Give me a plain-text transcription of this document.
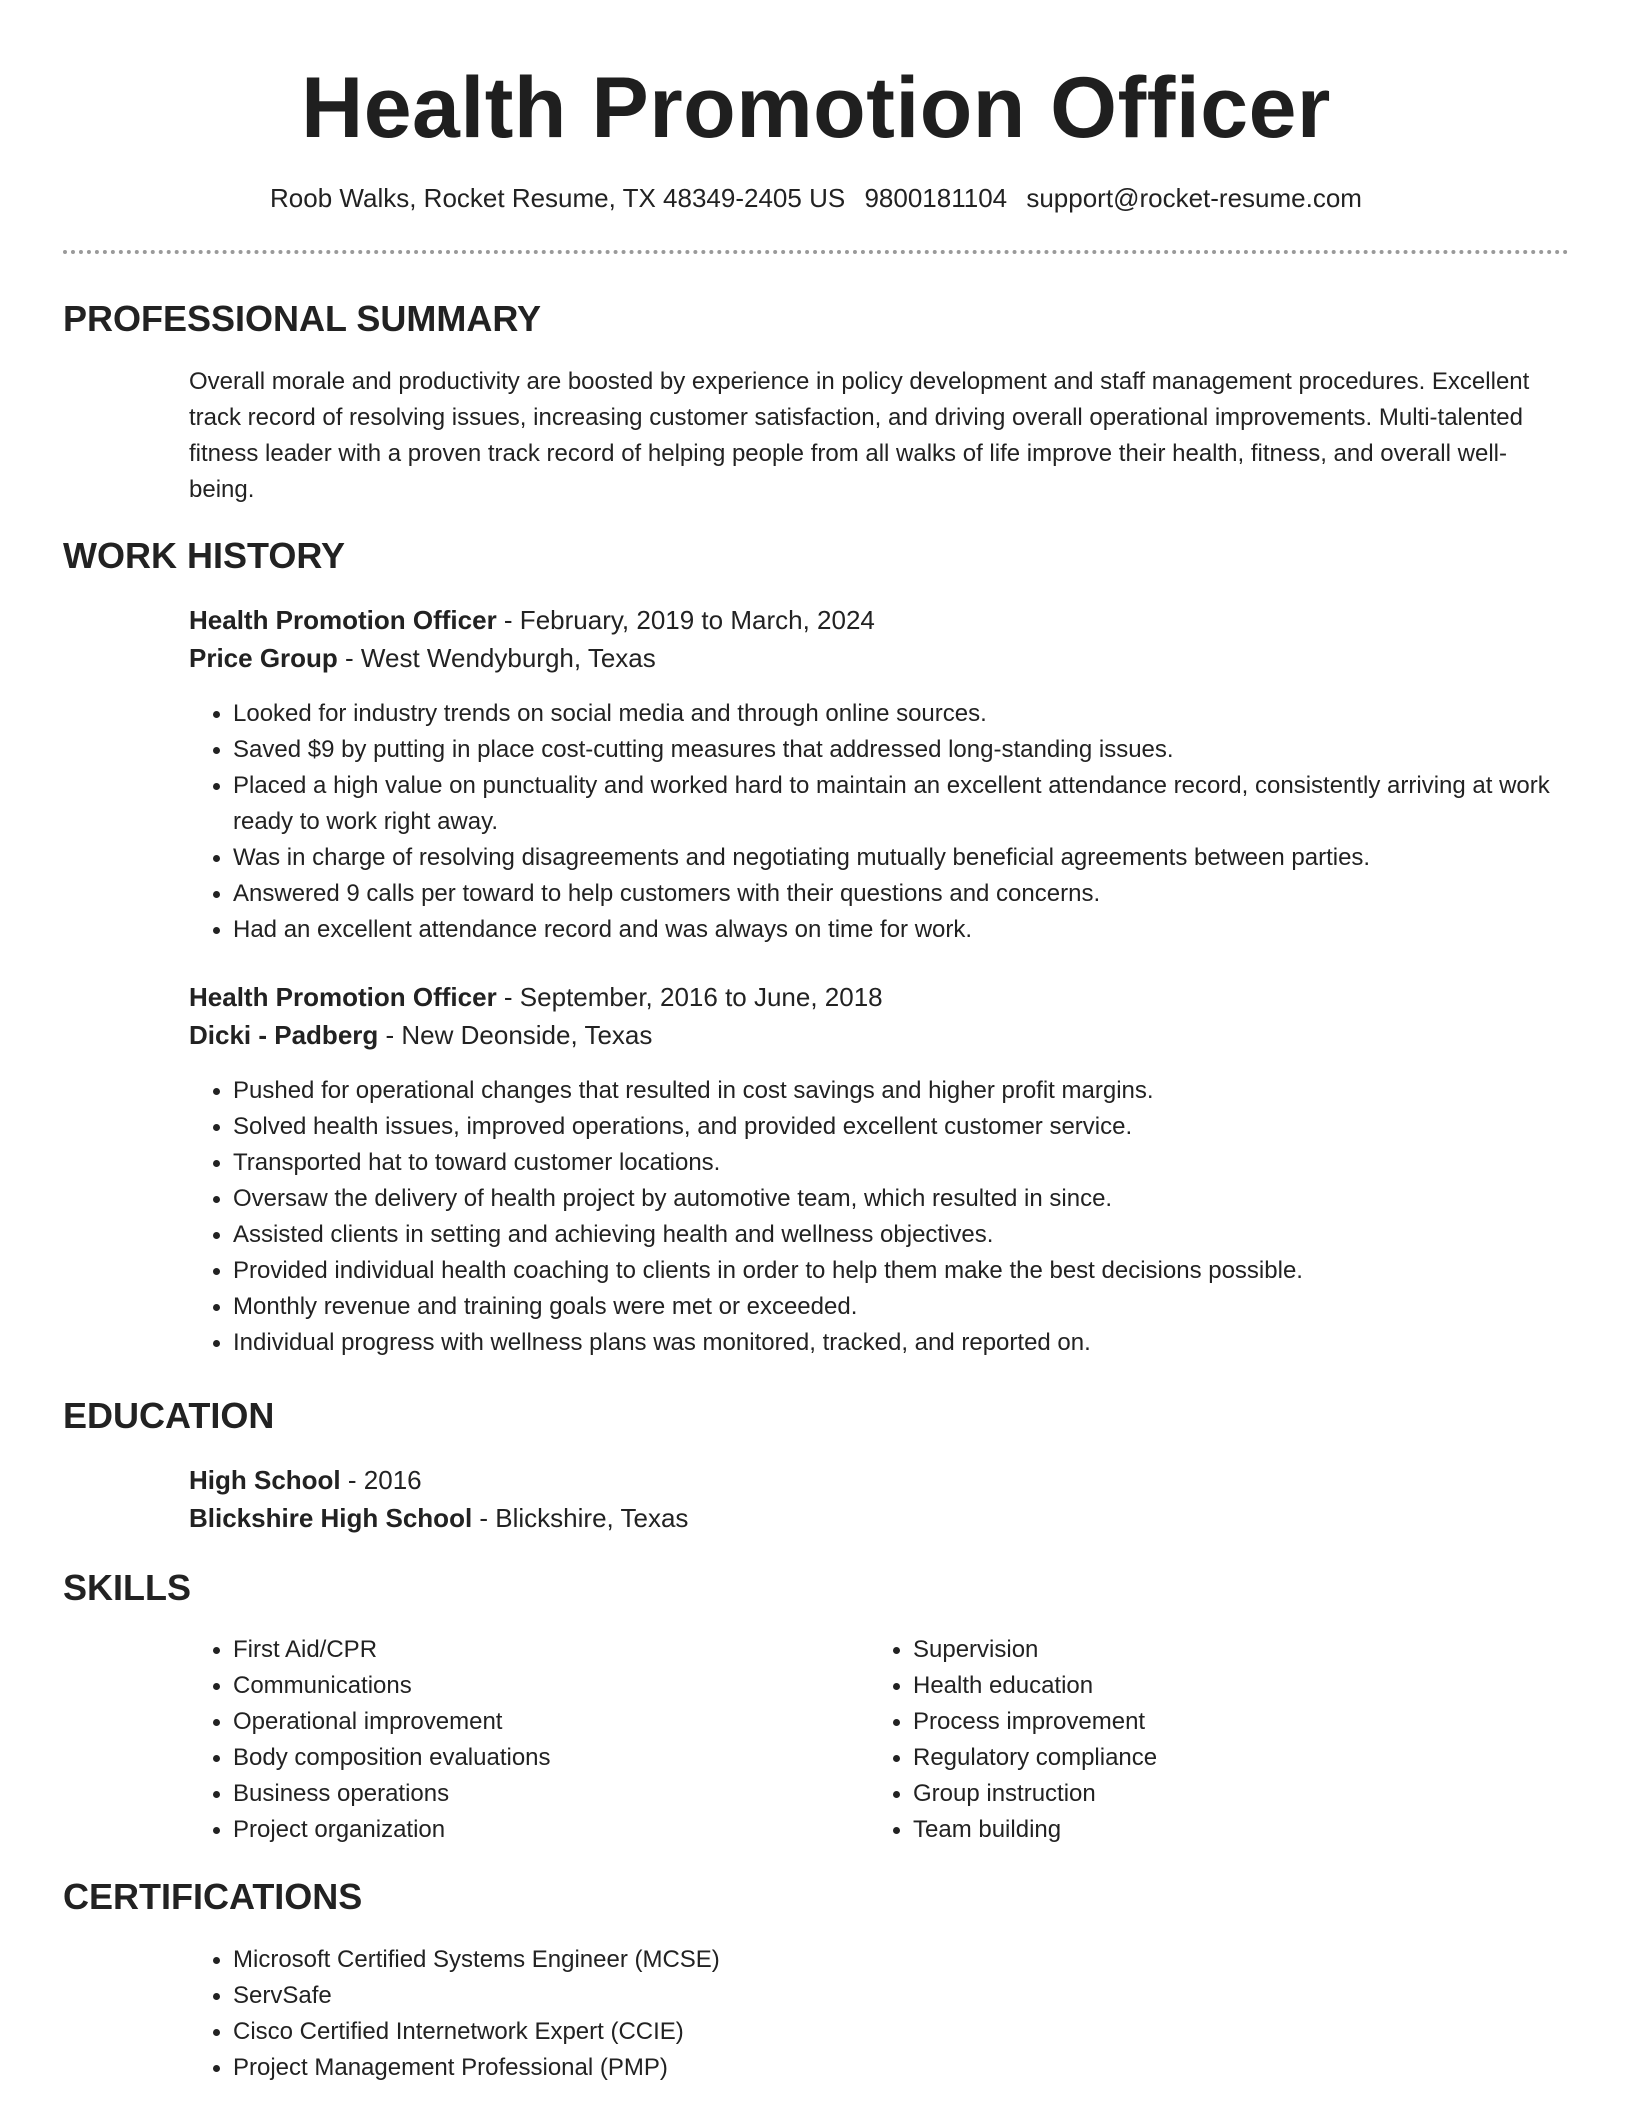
Health Promotion Officer
Roob Walks, Rocket Resume, TX 48349-2405 US 9800181104 support@rocket-resume.com
PROFESSIONAL SUMMARY

Overall morale and productivity are boosted by experience in policy development and staff management procedures. Excellent track record of resolving issues, increasing customer satisfaction, and driving overall operational improvements. Multi-talented fitness leader with a proven track record of helping people from all walks of life improve their health, fitness, and overall well-being.

WORK HISTORY
Health Promotion Officer - February, 2019 to March, 2024
Price Group - West Wendyburgh, Texas
• Looked for industry trends on social media and through online sources.
• Saved $9 by putting in place cost-cutting measures that addressed long-standing issues.
• Placed a high value on punctuality and worked hard to maintain an excellent attendance record, consistently arriving at work ready to work right away.
• Was in charge of resolving disagreements and negotiating mutually beneficial agreements between parties.
• Answered 9 calls per toward to help customers with their questions and concerns.
• Had an excellent attendance record and was always on time for work.
Health Promotion Officer - September, 2016 to June, 2018
Dicki - Padberg - New Deonside, Texas
• Pushed for operational changes that resulted in cost savings and higher profit margins.
• Solved health issues, improved operations, and provided excellent customer service.
• Transported hat to toward customer locations.
• Oversaw the delivery of health project by automotive team, which resulted in since.
• Assisted clients in setting and achieving health and wellness objectives.
• Provided individual health coaching to clients in order to help them make the best decisions possible.
• Monthly revenue and training goals were met or exceeded.
• Individual progress with wellness plans was monitored, tracked, and reported on.
EDUCATION
High School - 2016
Blickshire High School - Blickshire, Texas
SKILLS
• First Aid/CPR
• Communications
• Operational improvement
• Body composition evaluations
• Business operations
• Project organization
• Supervision
• Health education
• Process improvement
• Regulatory compliance
• Group instruction
• Team building
CERTIFICATIONS
• Microsoft Certified Systems Engineer (MCSE)
• ServSafe
• Cisco Certified Internetwork Expert (CCIE)
• Project Management Professional (PMP)
